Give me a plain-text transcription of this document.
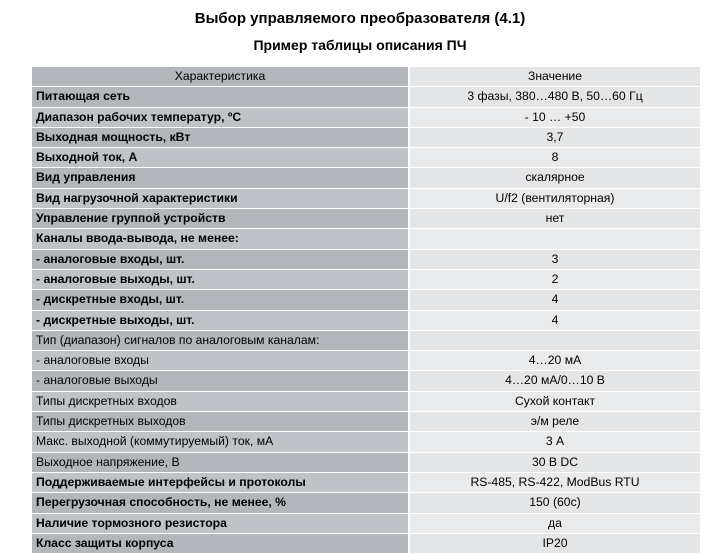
Выбор управляемого преобразователя (4.1)
Пример таблицы описания ПЧ
Характеристика	Значение
Питающая сеть	3 фазы, 380…480 В, 50…60 Гц
Диапазон рабочих температур, ºС	- 10 … +50
Выходная мощность, кВт	3,7
Выходной ток, А	8
Вид управления	скалярное
Вид нагрузочной характеристики	U/f2 (вентиляторная)
Управление группой устройств	нет
Каналы ввода-вывода, не менее:	
- аналоговые входы, шт.	3
- аналоговые выходы, шт.	2
- дискретные входы, шт.	4
- дискретные выходы, шт.	4
Тип (диапазон) сигналов по аналоговым каналам:	
- аналоговые входы	4…20 мА
- аналоговые выходы	4…20 мА/0…10 В
Типы дискретных входов	Сухой контакт
Типы дискретных выходов	э/м реле
Макс. выходной (коммутируемый) ток, мА	3 А
Выходное напряжение, В	30 В DC
Поддерживаемые интерфейсы и протоколы	RS-485, RS-422, ModBus RTU
Перегрузочная способность, не менее, %	150 (60с)
Наличие тормозного резистора	да
Класс защиты корпуса	IP20
